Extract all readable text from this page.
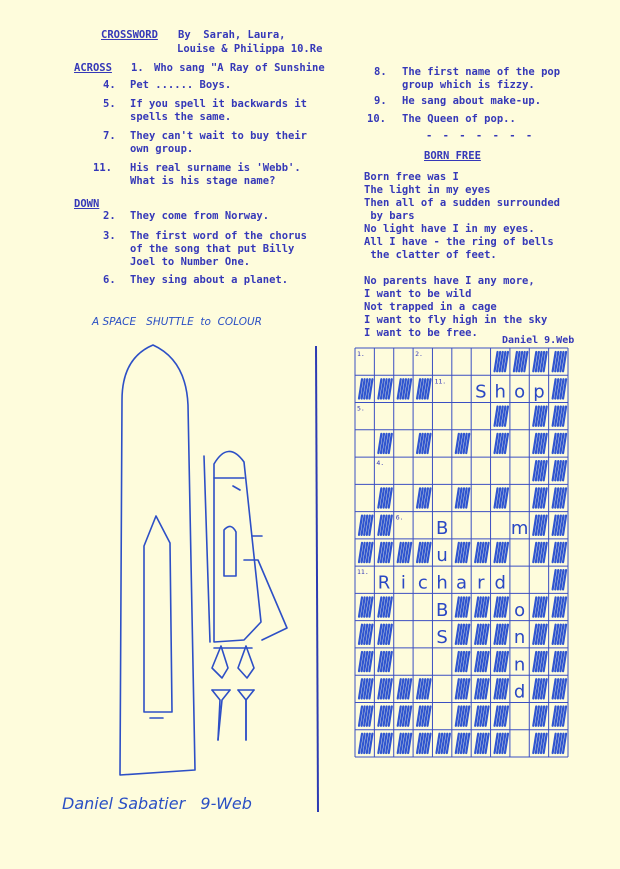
CROSSWORD By  Sarah, Laura,
Louise & Philippa 10.Re
ACROSS 1. Who sang "A Ray of Sunshine
4. Pet ...... Boys.
5. If you spell it backwards it
spells the same.
7. They can't wait to buy their
own group.
11. His real surname is 'Webb'.
What is his stage name?
DOWN
2. They come from Norway.
3. The first word of the chorus
of the song that put Billy
Joel to Number One.
6. They sing about a planet.
8. The first name of the pop
group which is fizzy.
9. He sang about make-up.
10. The Queen of pop..
- - - - - - -
BORN FREE
Born free was I
The light in my eyes
Then all of a sudden surrounded
by bars
No light have I in my eyes.
All I have - the ring of bells
the clatter of feet.

No parents have I any more,
I want to be wild
Not trapped in a cage
I want to fly high in the sky
I want to be free.
Daniel 9.Web
A SPACE   SHUTTLE  to  COLOUR
Daniel Sabatier   9-Web
1.	2.
5.
4.
11.
6.
11.
S h o p
B
u
R i c h a r d
m
o
n
n
d
B
S
